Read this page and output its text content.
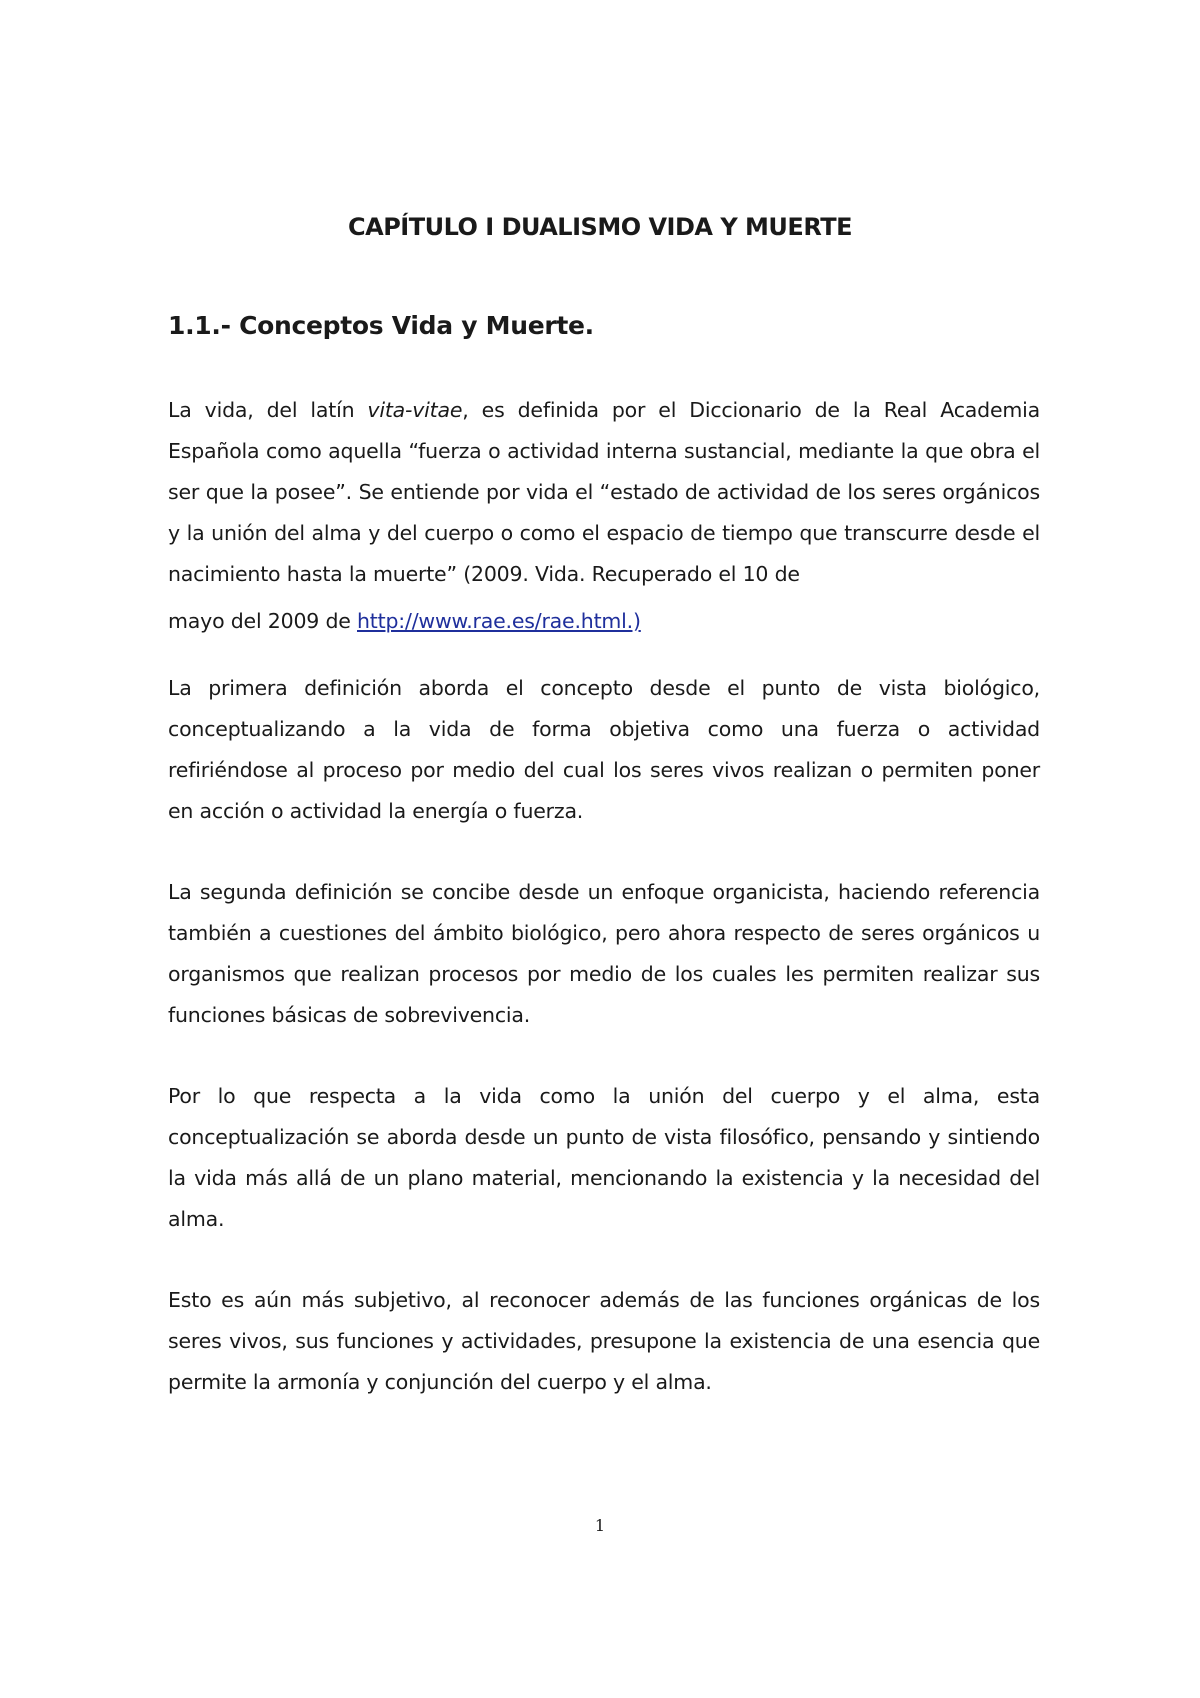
CAPÍTULO I DUALISMO VIDA Y MUERTE
1.1.- Conceptos Vida y Muerte.

La vida, del latín vita-vitae, es definida por el Diccionario de la Real Academia Española como aquella “fuerza o actividad interna sustancial, mediante la que obra el ser que la posee”. Se entiende por vida el “estado de actividad de los seres orgánicos y la unión del alma y del cuerpo o como el espacio de tiempo que transcurre desde el nacimiento hasta la muerte” (2009. Vida. Recuperado el 10 de
mayo del 2009 de http://www.rae.es/rae.html.)

La primera definición aborda el concepto desde el punto de vista biológico, conceptualizando a la vida de forma objetiva como una fuerza o actividad refiriéndose al proceso por medio del cual los seres vivos realizan o permiten poner en acción o actividad la energía o fuerza.

La segunda definición se concibe desde un enfoque organicista, haciendo referencia también a cuestiones del ámbito biológico, pero ahora respecto de seres orgánicos u organismos que realizan procesos por medio de los cuales les permiten realizar sus funciones básicas de sobrevivencia.

Por lo que respecta a la vida como la unión del cuerpo y el alma, esta conceptualización se aborda desde un punto de vista filosófico, pensando y sintiendo la vida más allá de un plano material, mencionando la existencia y la necesidad del alma.

Esto es aún más subjetivo, al reconocer además de las funciones orgánicas de los seres vivos, sus funciones y actividades, presupone la existencia de una esencia que permite la armonía y conjunción del cuerpo y el alma.

1
